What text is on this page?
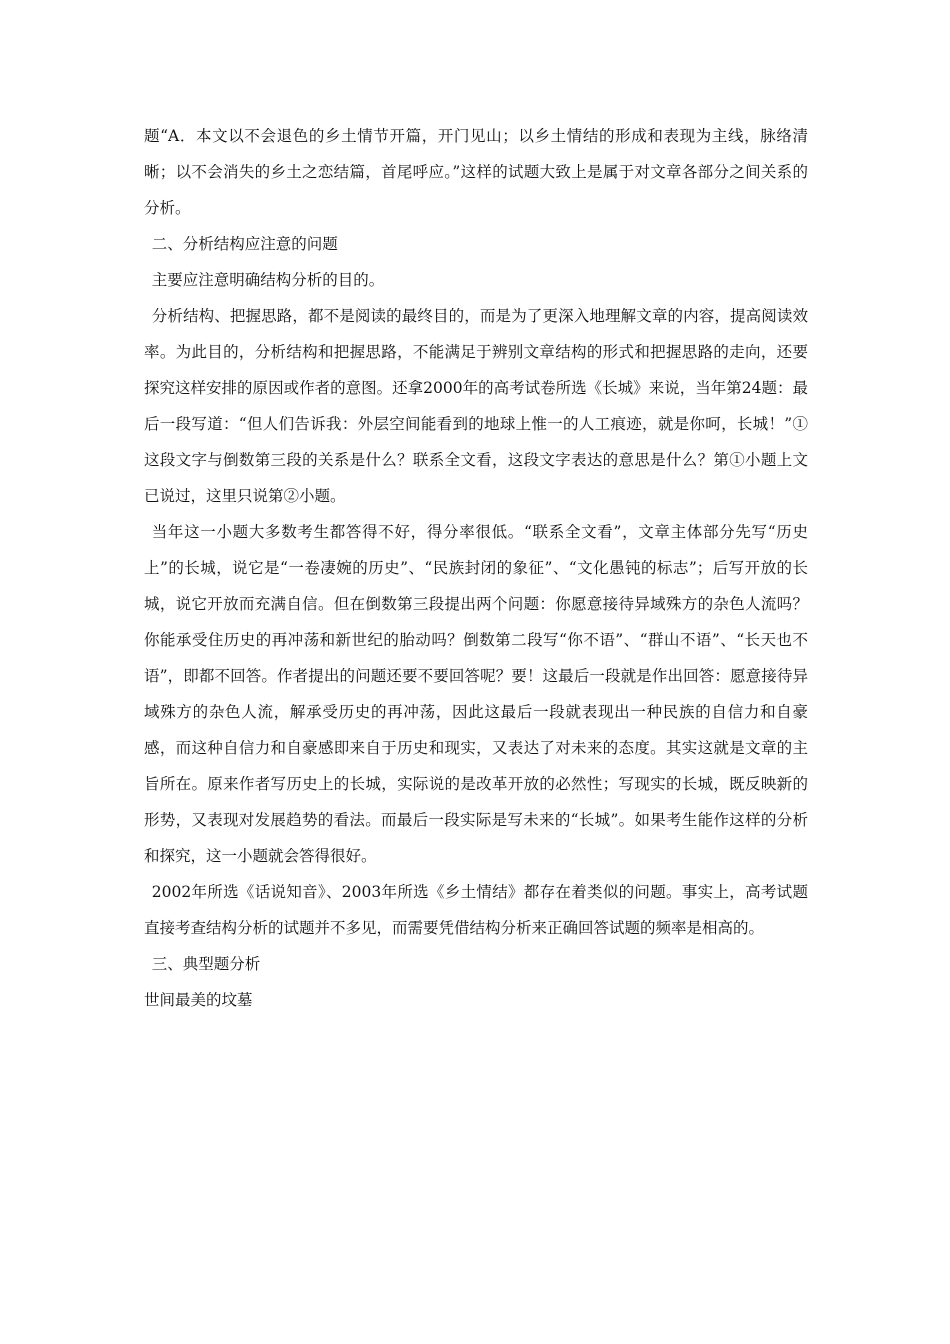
题“A．本文以不会退色的乡土情节开篇，开门见山；以乡土情结的形成和表现为主线，脉络清晰；以不会消失的乡土之恋结篇，首尾呼应。”这样的试题大致上是属于对文章各部分之间关系的分析。

二、分析结构应注意的问题

主要应注意明确结构分析的目的。

分析结构、把握思路，都不是阅读的最终目的，而是为了更深入地理解文章的内容，提高阅读效率。为此目的，分析结构和把握思路，不能满足于辨别文章结构的形式和把握思路的走向，还要探究这样安排的原因或作者的意图。还拿2000年的高考试卷所选《长城》来说，当年第24题：最后一段写道：“但人们告诉我：外层空间能看到的地球上惟一的人工痕迹，就是你呵，长城！”①这段文字与倒数第三段的关系是什么？联系全文看，这段文字表达的意思是什么？第①小题上文已说过，这里只说第②小题。

当年这一小题大多数考生都答得不好，得分率很低。“联系全文看”，文章主体部分先写“历史上”的长城，说它是“一卷凄婉的历史”、“民族封闭的象征”、“文化愚钝的标志”；后写开放的长城，说它开放而充满自信。但在倒数第三段提出两个问题：你愿意接待异域殊方的杂色人流吗？你能承受住历史的再冲荡和新世纪的胎动吗？倒数第二段写“你不语”、“群山不语”、“长天也不语”，即都不回答。作者提出的问题还要不要回答呢？要！这最后一段就是作出回答：愿意接待异域殊方的杂色人流，解承受历史的再冲荡，因此这最后一段就表现出一种民族的自信力和自豪感，而这种自信力和自豪感即来自于历史和现实，又表达了对未来的态度。其实这就是文章的主旨所在。原来作者写历史上的长城，实际说的是改革开放的必然性；写现实的长城，既反映新的形势，又表现对发展趋势的看法。而最后一段实际是写未来的“长城”。如果考生能作这样的分析和探究，这一小题就会答得很好。

2002年所选《话说知音》、2003年所选《乡土情结》都存在着类似的问题。事实上，高考试题直接考查结构分析的试题并不多见，而需要凭借结构分析来正确回答试题的频率是相高的。

三、典型题分析

世间最美的坟墓
